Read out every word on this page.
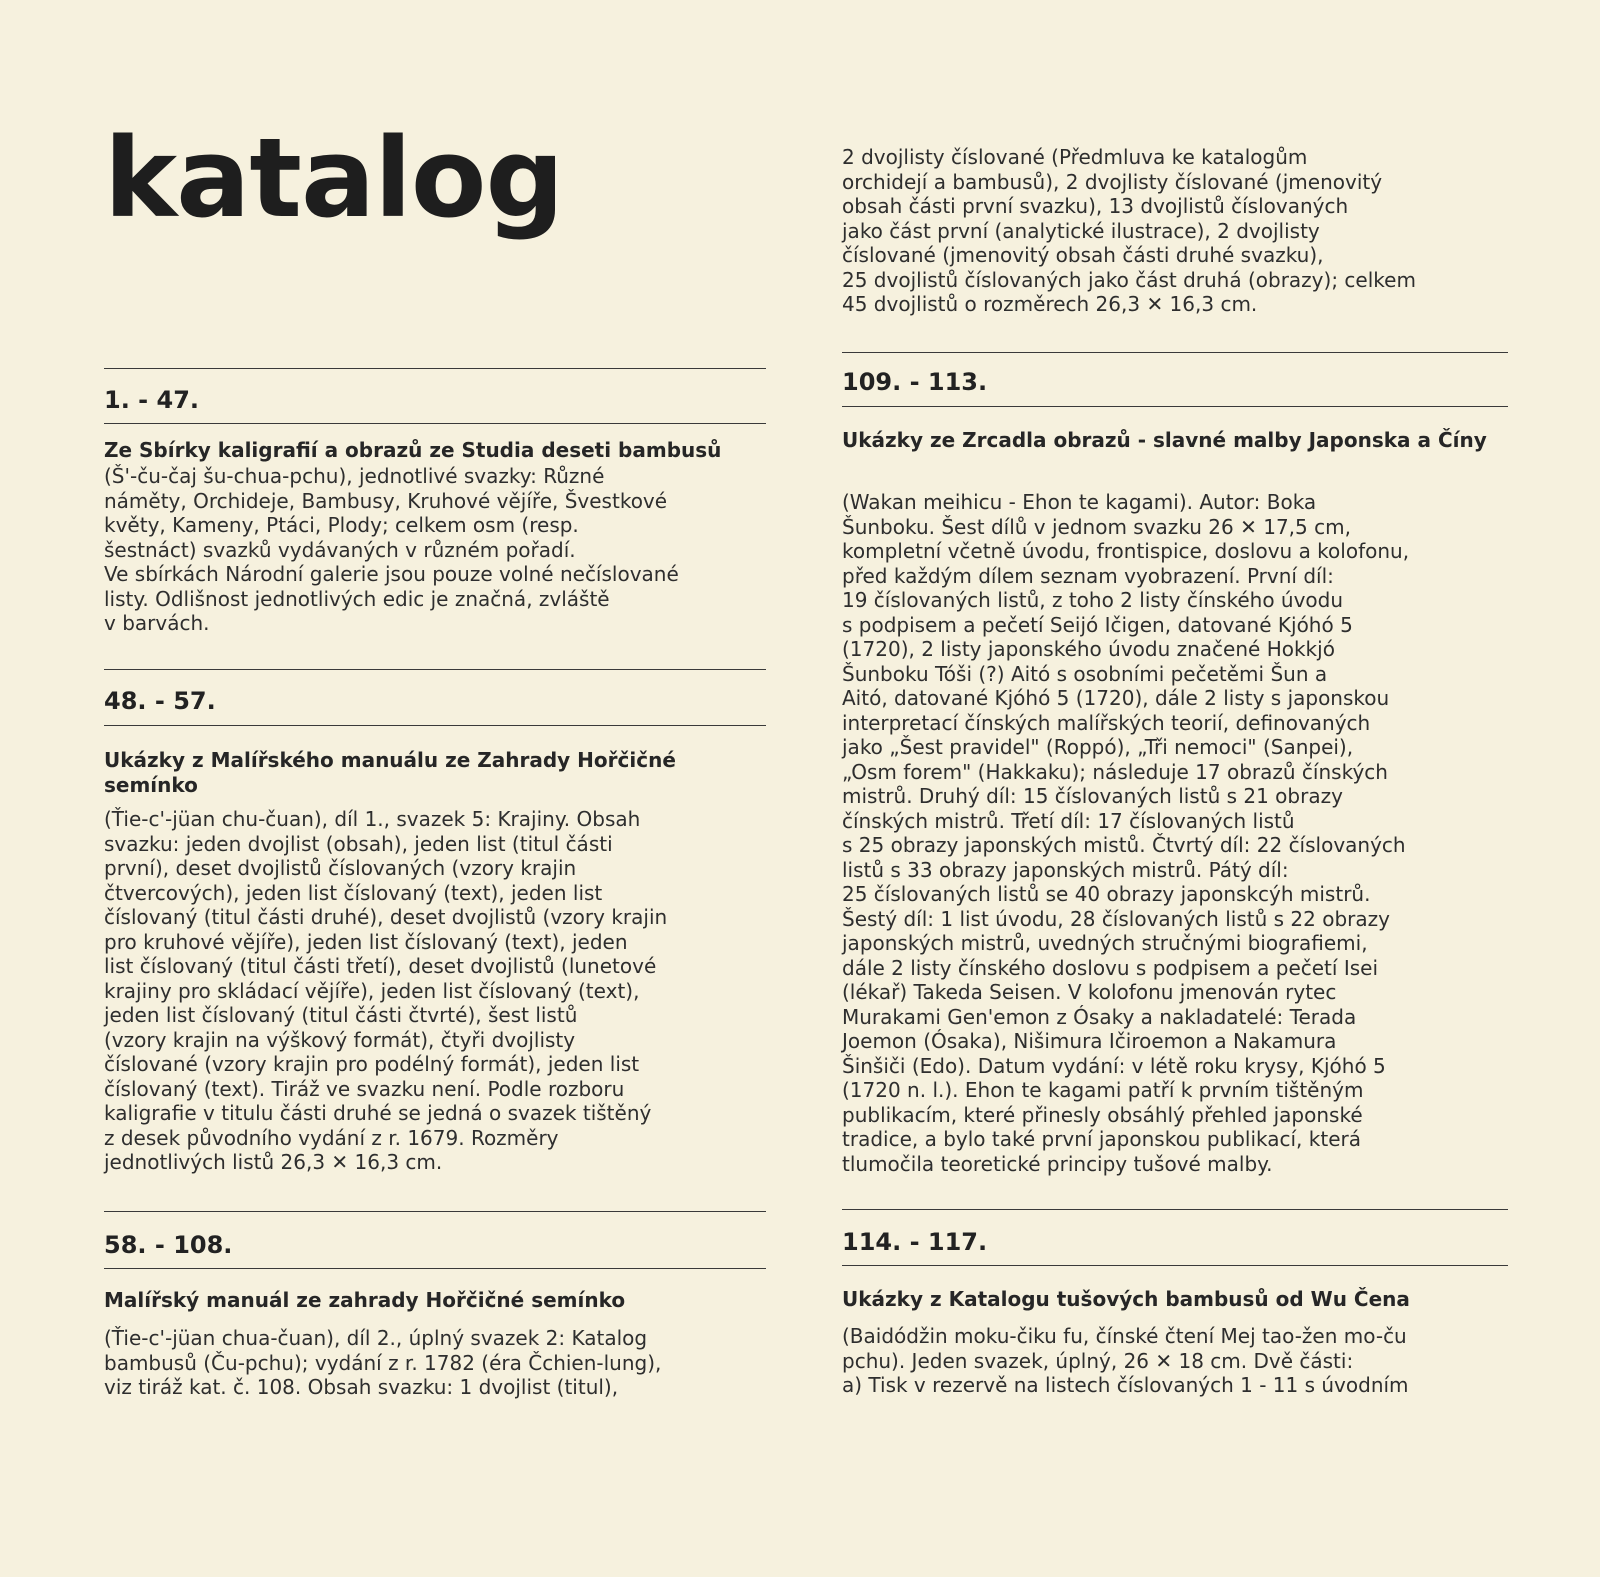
katalog
1. - 47.
Ze Sbírky kaligrafií a obrazů ze Studia deseti bambusů

(Š'-ču-čaj šu-chua-pchu), jednotlivé svazky: Různé

náměty, Orchideje, Bambusy, Kruhové vějíře, Švestkové

květy, Kameny, Ptáci, Plody; celkem osm (resp.

šestnáct) svazků vydávaných v různém pořadí.

Ve sbírkách Národní galerie jsou pouze volné nečíslované

listy. Odlišnost jednotlivých edic je značná, zvláště

v barvách.

48. - 57.
Ukázky z Malířského manuálu ze Zahrady Hořčičné semínko

(Ťie-c'-jüan chu-čuan), díl 1., svazek 5: Krajiny. Obsah

svazku: jeden dvojlist (obsah), jeden list (titul části

první), deset dvojlistů číslovaných (vzory krajin

čtvercových), jeden list číslovaný (text), jeden list

číslovaný (titul části druhé), deset dvojlistů (vzory krajin

pro kruhové vějíře), jeden list číslovaný (text), jeden

list číslovaný (titul části třetí), deset dvojlistů (lunetové

krajiny pro skládací vějíře), jeden list číslovaný (text),

jeden list číslovaný (titul části čtvrté), šest listů

(vzory krajin na výškový formát), čtyři dvojlisty

číslované (vzory krajin pro podélný formát), jeden list

číslovaný (text). Tiráž ve svazku není. Podle rozboru

kaligrafie v titulu části druhé se jedná o svazek tištěný

z desek původního vydání z r. 1679. Rozměry

jednotlivých listů 26,3 ✕ 16,3 cm.

58. - 108.
Malířský manuál ze zahrady Hořčičné semínko

(Ťie-c'-jüan chua-čuan), díl 2., úplný svazek 2: Katalog

bambusů (Ču-pchu); vydání z r. 1782 (éra Čchien-lung),

viz tiráž kat. č. 108. Obsah svazku: 1 dvojlist (titul),

2 dvojlisty číslované (Předmluva ke katalogům

orchidejí a bambusů), 2 dvojlisty číslované (jmenovitý

obsah části první svazku), 13 dvojlistů číslovaných

jako část první (analytické ilustrace), 2 dvojlisty

číslované (jmenovitý obsah části druhé svazku),

25 dvojlistů číslovaných jako část druhá (obrazy); celkem

45 dvojlistů o rozměrech 26,3 ✕ 16,3 cm.

109. - 113.
Ukázky ze Zrcadla obrazů - slavné malby Japonska a Číny

(Wakan meihicu - Ehon te kagami). Autor: Boka

Šunboku. Šest dílů v jednom svazku 26 ✕ 17,5 cm,

kompletní včetně úvodu, frontispice, doslovu a kolofonu,

před každým dílem seznam vyobrazení. První díl:

19 číslovaných listů, z toho 2 listy čínského úvodu

s podpisem a pečetí Seijó Ičigen, datované Kjóhó 5

(1720), 2 listy japonského úvodu značené Hokkjó

Šunboku Tóši (?) Aitó s osobními pečetěmi Šun a

Aitó, datované Kjóhó 5 (1720), dále 2 listy s japonskou

interpretací čínských malířských teorií, definovaných

jako „Šest pravidel" (Roppó), „Tři nemoci" (Sanpei),

„Osm forem" (Hakkaku); následuje 17 obrazů čínských

mistrů. Druhý díl: 15 číslovaných listů s 21 obrazy

čínských mistrů. Třetí díl: 17 číslovaných listů

s 25 obrazy japonských mistů. Čtvrtý díl: 22 číslovaných

listů s 33 obrazy japonských mistrů. Pátý díl:

25 číslovaných listů se 40 obrazy japonskcýh mistrů.

Šestý díl: 1 list úvodu, 28 číslovaných listů s 22 obrazy

japonských mistrů, uvedných stručnými biografiemi,

dále 2 listy čínského doslovu s podpisem a pečetí Isei

(lékař) Takeda Seisen. V kolofonu jmenován rytec

Murakami Gen'emon z Ósaky a nakladatelé: Terada

Joemon (Ósaka), Nišimura Ičiroemon a Nakamura

Šinšiči (Edo). Datum vydání: v létě roku krysy, Kjóhó 5

(1720 n. l.). Ehon te kagami patří k prvním tištěným

publikacím, které přinesly obsáhlý přehled japonské

tradice, a bylo také první japonskou publikací, která

tlumočila teoretické principy tušové malby.

114. - 117.
Ukázky z Katalogu tušových bambusů od Wu Čena

(Baidódžin moku-čiku fu, čínské čtení Mej tao-žen mo-ču

pchu). Jeden svazek, úplný, 26 ✕ 18 cm. Dvě části:

a) Tisk v rezervě na listech číslovaných 1 - 11 s úvodním
